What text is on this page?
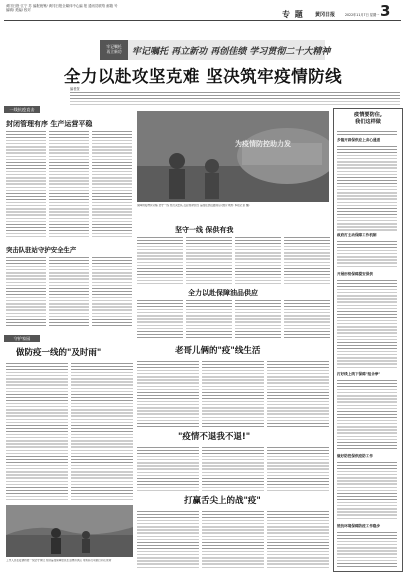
黄冈日报·江宁 苏 编报统筹/ 黄冈日报全媒体中心编 报 通讯员联络 邮箱 号
编辑/ 美编/ 校对	专 题 黄冈日报	2022年11月7日 星期一 3
牢记嘱托
再立新功	牢记嘱托 再立新功 再创佳绩 学习贯彻二十大精神
全力以赴攻坚克难 坚决筑牢疫情防线
编者按
一线抗疫直击
封闭管理有序 生产运营平稳
为疫情防控助力发
保障防疫物资运输 坚守一线 党员突击队 扛起使命担当 奋战在抗疫最前沿 (图片来源: 本报记者 摄)
坚守一线 保供有我
突击队驻站守护安全生产
全力以赴保障油品供应
守护家园
做防疫一线的"及时雨"	老哥儿俩的"疫"线生活
"疫情不退我不退!"
打赢舌尖上的战"疫"
工作人员在疫情防控一线坚守岗位 连续奋战保障居民生活物资供应 用实际行动践行初心使命
疫情要防住,
我们这样做
乡镇开辟保供应上舍心通道
政府打主动保障工作机制
开展形势保障提安保供
打好线上线下保障"组合拳"
做好防控保供疫防工作
统抗环境保障防疫工作稳步
